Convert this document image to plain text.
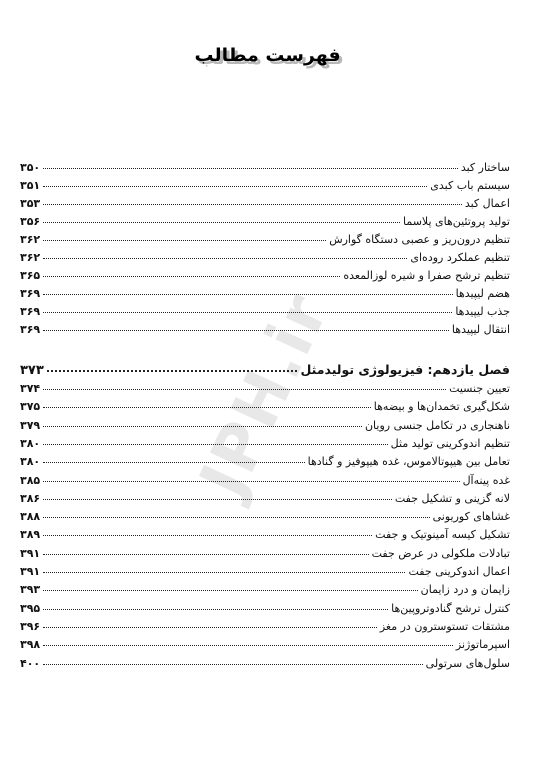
فهرست مطالب
JPH.ir
ساختار کبد
۳۵۰
سیستم باب کبدی
۳۵۱
اعمال کبد
۳۵۳
تولید پروتئین‌های پلاسما
۳۵۶
تنظیم درون‌ریز و عصبی دستگاه گوارش
۳۶۲
تنظیم عملکرد روده‌ای
۳۶۲
تنظیم ترشح صفرا و شیره لوزالمعده
۳۶۵
هضم لیپیدها
۳۶۹
جذب لیپیدها
۳۶۹
انتقال لیپیدها
۳۶۹
فصل یازدهم: فیزیولوژی تولیدمثل
۳۷۳
تعیین جنسیت
۳۷۴
شکل‌گیری تخمدان‌ها و بیضه‌ها
۳۷۵
ناهنجاری در تکامل جنسی رویان
۳۷۹
تنظیم اندوکرینی تولید مثل
۳۸۰
تعامل بین هیپوتالاموس، غده هیپوفیز و گنادها
۳۸۰
غده پینه‌آل
۳۸۵
لانه گزینی و تشکیل جفت
۳۸۶
غشاهای کوریونی
۳۸۸
تشکیل کیسه آمینوتیک و جفت
۳۸۹
تبادلات ملکولی در عرض جفت
۳۹۱
اعمال اندوکرینی جفت
۳۹۱
زایمان و درد زایمان
۳۹۳
کنترل ترشح گنادوتروپین‌ها
۳۹۵
مشتقات تستوسترون در مغز
۳۹۶
اسپرماتوژنز
۳۹۸
سلول‌های سرتولی
۴۰۰
